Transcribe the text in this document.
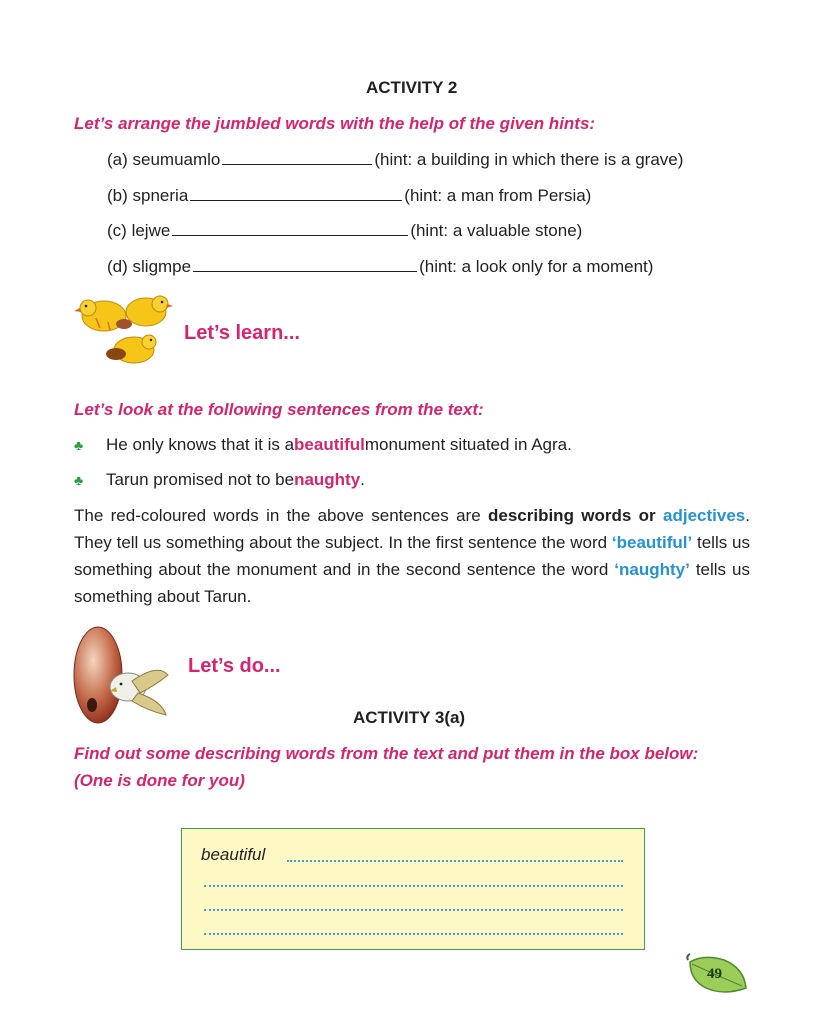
ACTIVITY 2
Let’s arrange the jumbled words with the help of the given hints:
(a)
seumuamlo	(hint: a building in which there is a grave)
(b)
spneria	(hint: a man from Persia)
(c)
lejwe	(hint: a valuable stone)
(d)
sligmpe	(hint: a look only for a moment)
Let’s learn...
Let’s look at the following sentences from the text:
♣	He only knows that it is a beautiful monument situated in Agra.
♣	Tarun promised not to be naughty .
The red-coloured words in the above sentences are describing words or adjectives. They tell us something about the subject. In the first sentence the word ‘beautiful’ tells us something about the monument and in the second sentence the word ‘naughty’ tells us something about Tarun.
Let’s do...
ACTIVITY 3(a)
Find out some describing words from the text and put them in the box below:
(One is done for you)
beautiful
49
